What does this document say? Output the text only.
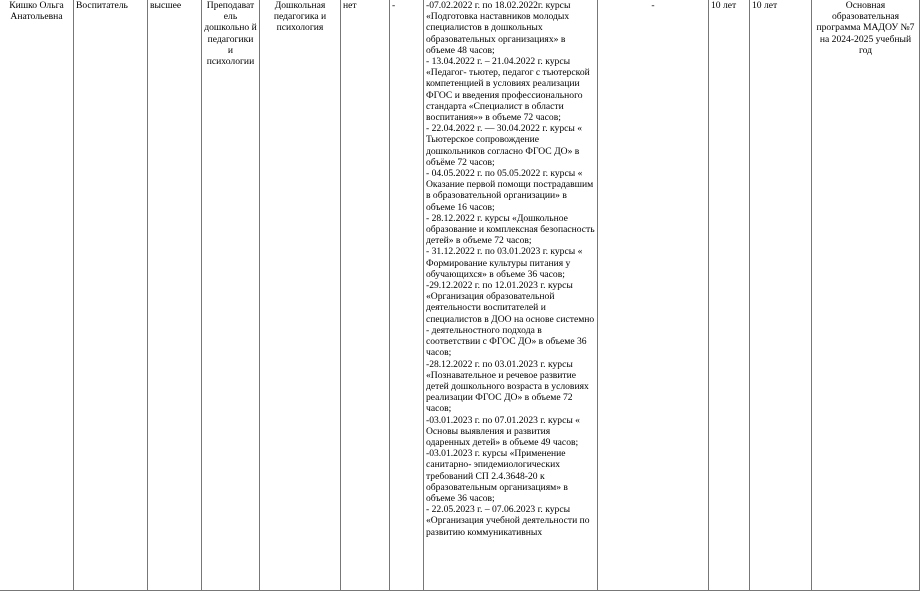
Кишко Ольга Анатольевна	Воспитатель	высшее	Преподават ель дошкольно й педагогики и психологии	Дошкольная педагогика и психология	нет	-	-07.02.2022 г. по 18.02.2022г. курсы «Подготовка наставников молодых специалистов в дошкольных образовательных организациях» в объеме 48 часов;
- 13.04.2022 г. – 21.04.2022 г. курсы «Педагог- тьютер, педагог с тьютерской компетенцией в условиях реализации ФГОС и введения профессионального стандарта «Специалист в области воспитания»» в объеме 72 часов;
- 22.04.2022 г. — 30.04.2022 г. курсы « Тьютерское сопровождение дошкольников согласно ФГОС ДО» в объёме 72 часов;
- 04.05.2022 г. по 05.05.2022 г. курсы « Оказание первой помощи пострадавшим в образовательной организации» в объеме 16 часов;
- 28.12.2022 г. курсы «Дошкольное образование и комплексная безопасность детей» в объеме 72 часов;
- 31.12.2022 г. по 03.01.2023 г. курсы « Формирование культуры питания у обучающихся» в объеме 36 часов;
-29.12.2022 г. по 12.01.2023 г. курсы «Организация образовательной деятельности воспитателей и специалистов в ДОО на основе системно - деятельностного подхода в соответствии с ФГОС ДО» в объеме 36 часов;
-28.12.2022 г. по 03.01.2023 г. курсы «Познавательное и речевое развитие детей дошкольного возраста в условиях реализации ФГОС ДО» в объеме 72 часов;
-03.01.2023 г. по 07.01.2023 г. курсы « Основы выявления и развития одаренных детей» в объеме 49 часов;
-03.01.2023 г. курсы «Применение санитарно- эпидемиологических требований СП 2.4.3648-20 к образовательным организациям» в объеме 36 часов;
- 22.05.2023 г. – 07.06.2023 г. курсы «Организация учебной деятельности по развитию коммуникативных
	-	10 лет	10 лет	Основная образовательная программа МАДОУ №7 на 2024-2025 учебный год
